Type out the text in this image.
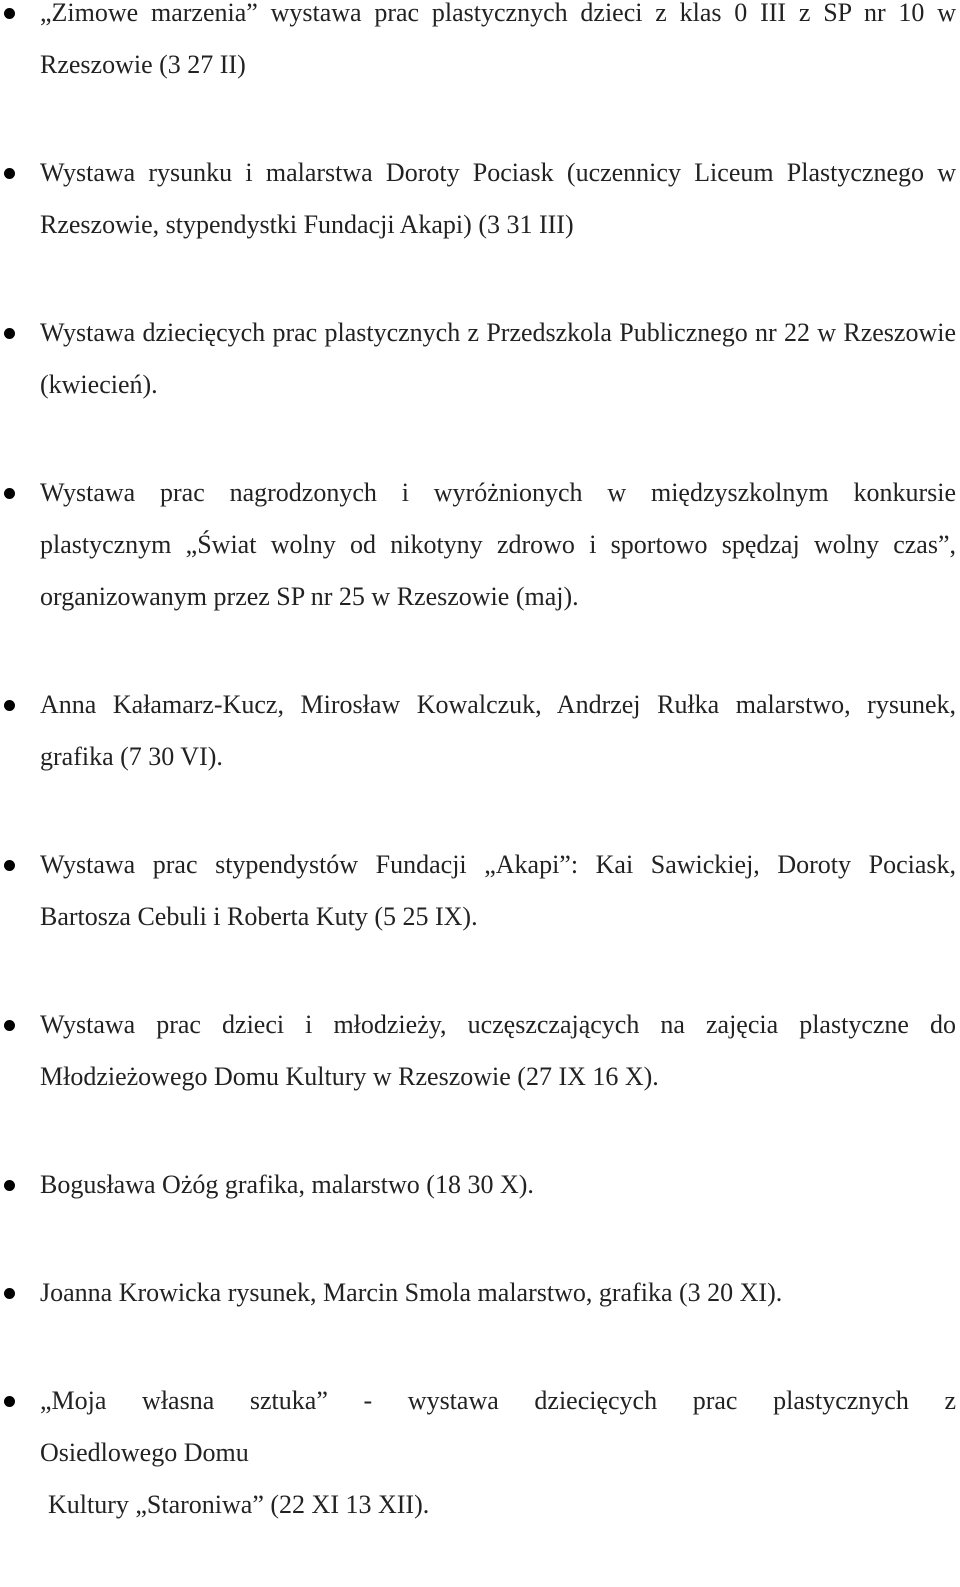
„Zimowe marzenia” wystawa prac plastycznych dzieci z klas 0 III z SP nr 10 w Rzeszowie (3 27 II)
Wystawa rysunku i malarstwa Doroty Pociask (uczennicy Liceum Plastycznego w Rzeszowie, stypendystki Fundacji Akapi) (3 31 III)
Wystawa dziecięcych prac plastycznych z Przedszkola Publicznego nr 22 w Rzeszowie (kwiecień).
Wystawa prac nagrodzonych i wyróżnionych w międzyszkolnym konkursie plastycznym „Świat wolny od nikotyny zdrowo i sportowo spędzaj wolny czas”, organizowanym przez SP nr 25 w Rzeszowie (maj).
Anna Kałamarz-Kucz, Mirosław Kowalczuk, Andrzej Rułka malarstwo, rysunek, grafika (7 30 VI).
Wystawa prac stypendystów Fundacji „Akapi”: Kai Sawickiej, Doroty Pociask, Bartosza Cebuli i Roberta Kuty (5 25 IX).
Wystawa prac dzieci i młodzieży, uczęszczających na zajęcia plastyczne do Młodzieżowego Domu Kultury w Rzeszowie (27 IX 16 X).
Bogusława Ożóg grafika, malarstwo (18 30 X).
Joanna Krowicka rysunek, Marcin Smola malarstwo, grafika (3 20 XI).
„Moja własna sztuka” - wystawa dziecięcych prac plastycznych z
Osiedlowego Domu
Kultury „Staroniwa” (22 XI 13 XII).
